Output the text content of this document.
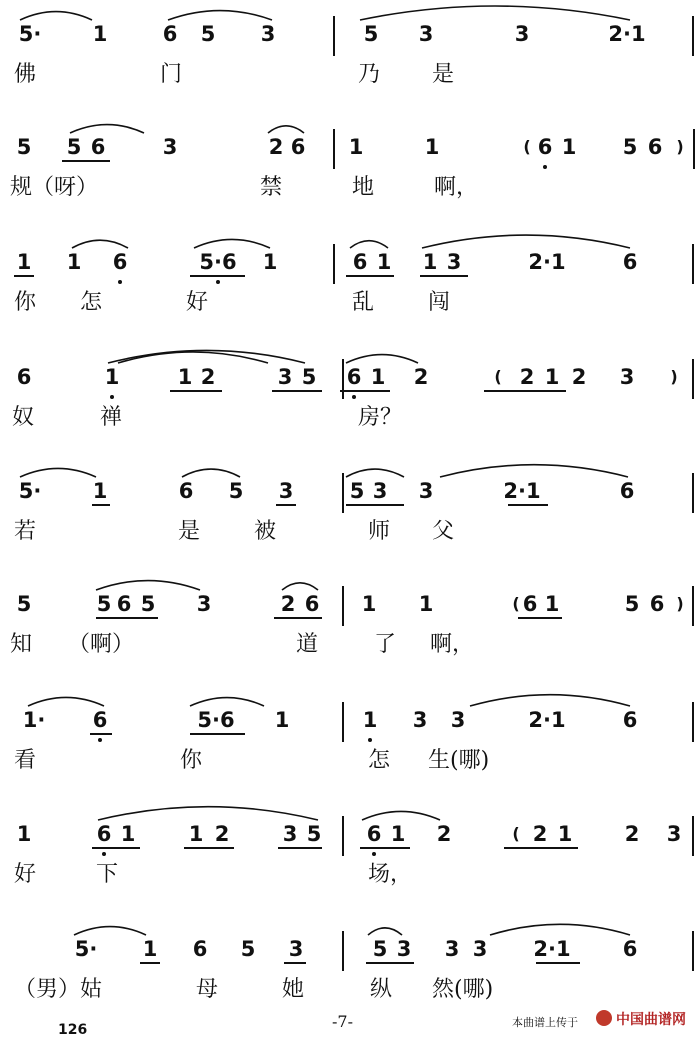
5· 1	6 5 3	5 3	3	2·1
佛	门	乃 是
5 5 6	3	2 6 1	1	( 6 1 5 6 )
规（呀）	禁	地	啊，
1 1 6	5·6 1	6 1 1 3	2·1	6
你 怎	好	乱 闯
6	1	1 2	3 5 6 1 2	( 2 1 2 3 )
奴	禅	房？
5· 1	6 5 3	5 3 3	2·1	6
若	是 被	师 父
5	5 6 5 3	2 6 1 1	( 6 1	5 6 )
知 （啊）	道	了 啊，
1· 6	5·6 1	1 3 3	2·1	6
看	你	怎 生(哪)
1	6 1	1 2	3 5 6 1 2	( 2 1 2 3
好	下	场，
5· 1 6 5 3	5 3 3 3 2·1 6
（男）姑	母	她	纵 然(哪)
126	-7-	本曲谱上传于	中国曲谱网
